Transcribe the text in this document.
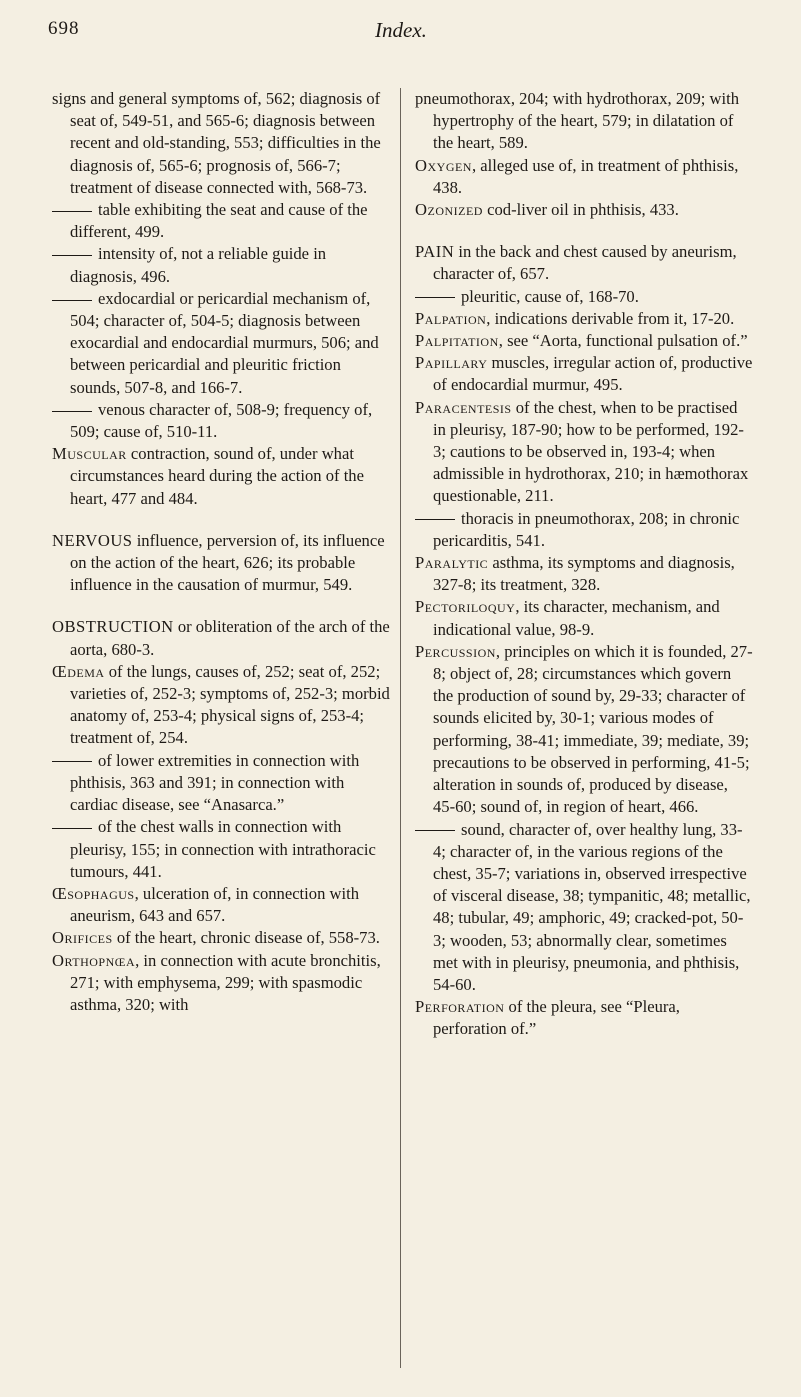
698	Index.

signs and general symptoms of, 562; diagnosis of seat of, 549-51, and 565-6; diagnosis between recent and old-standing, 553; difficulties in the diagnosis of, 565-6; prognosis of, 566-7; treatment of disease connected with, 568-73.

table exhibiting the seat and cause of the different, 499.

intensity of, not a reliable guide in diagnosis, 496.

exdocardial or pericardial mechanism of, 504; character of, 504-5; diagnosis between exocardial and endocardial murmurs, 506; and between pericardial and pleuritic friction sounds, 507-8, and 166-7.

venous character of, 508-9; frequency of, 509; cause of, 510-11.

Muscular contraction, sound of, under what circumstances heard during the action of the heart, 477 and 484.

NERVOUS influence, perversion of, its influence on the action of the heart, 626; its probable influence in the causation of murmur, 549.

OBSTRUCTION or obliteration of the arch of the aorta, 680-3.

Œdema of the lungs, causes of, 252; seat of, 252; varieties of, 252-3; symptoms of, 252-3; morbid anatomy of, 253-4; physical signs of, 253-4; treatment of, 254.

of lower extremities in connection with phthisis, 363 and 391; in connection with cardiac disease, see “Anasarca.”

of the chest walls in connection with pleurisy, 155; in connection with intrathoracic tumours, 441.

Œsophagus, ulceration of, in connection with aneurism, 643 and 657.

Orifices of the heart, chronic disease of, 558-73.

Orthopnœa, in connection with acute bronchitis, 271; with emphysema, 299; with spasmodic asthma, 320; with

pneumothorax, 204; with hydrothorax, 209; with hypertrophy of the heart, 579; in dilatation of the heart, 589.

Oxygen, alleged use of, in treatment of phthisis, 438.

Ozonized cod-liver oil in phthisis, 433.

PAIN in the back and chest caused by aneurism, character of, 657.

pleuritic, cause of, 168-70.

Palpation, indications derivable from it, 17-20.

Palpitation, see “Aorta, functional pulsation of.”

Papillary muscles, irregular action of, productive of endocardial murmur, 495.

Paracentesis of the chest, when to be practised in pleurisy, 187-90; how to be performed, 192-3; cautions to be observed in, 193-4; when admissible in hydrothorax, 210; in hæmothorax questionable, 211.

thoracis in pneumothorax, 208; in chronic pericarditis, 541.

Paralytic asthma, its symptoms and diagnosis, 327-8; its treatment, 328.

Pectoriloquy, its character, mechanism, and indicational value, 98-9.

Percussion, principles on which it is founded, 27-8; object of, 28; circumstances which govern the production of sound by, 29-33; character of sounds elicited by, 30-1; various modes of performing, 38-41; immediate, 39; mediate, 39; precautions to be observed in performing, 41-5; alteration in sounds of, produced by disease, 45-60; sound of, in region of heart, 466.

sound, character of, over healthy lung, 33-4; character of, in the various regions of the chest, 35-7; variations in, observed irrespective of visceral disease, 38; tympanitic, 48; metallic, 48; tubular, 49; amphoric, 49; cracked-pot, 50-3; wooden, 53; abnormally clear, sometimes met with in pleurisy, pneumonia, and phthisis, 54-60.

Perforation of the pleura, see “Pleura, perforation of.”
